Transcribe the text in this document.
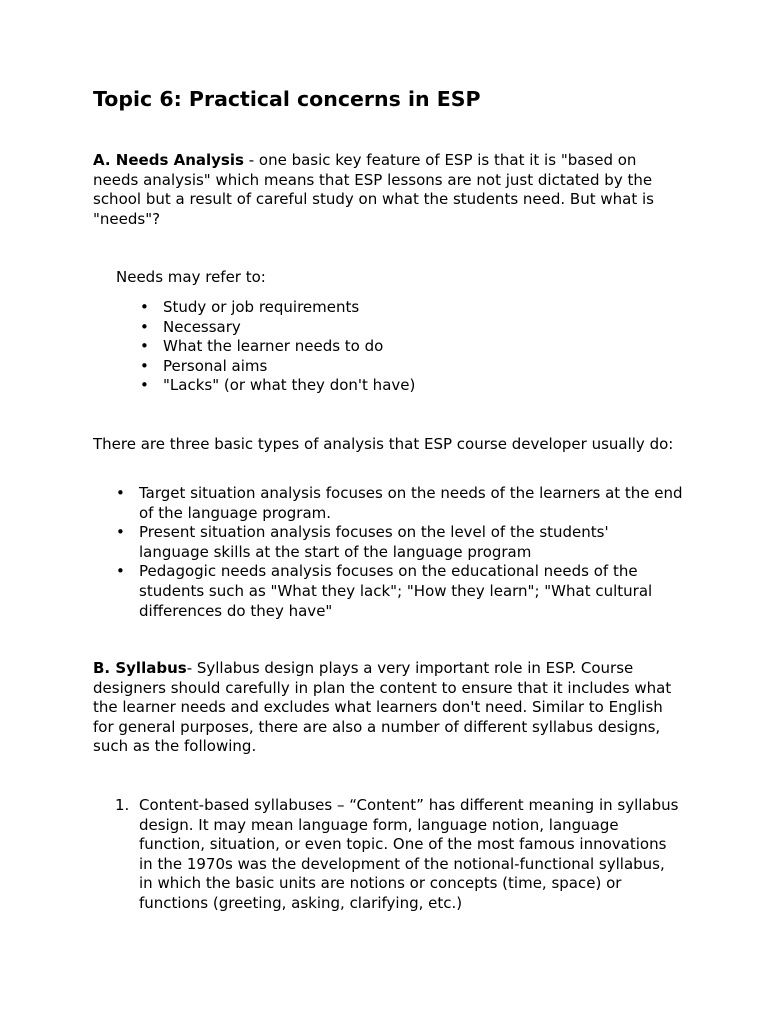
Topic 6: Practical concerns in ESP

A. Needs Analysis - one basic key feature of ESP is that it is "based on needs analysis" which means that ESP lessons are not just dictated by the school but a result of careful study on what the students need. But what is "needs"?

Needs may refer to:

• Study or job requirements
• Necessary
• What the learner needs to do
• Personal aims
• "Lacks" (or what they don't have)

There are three basic types of analysis that ESP course developer usually do:

• Target situation analysis focuses on the needs of the learners at the end of the language program.
• Present situation analysis focuses on the level of the students' language skills at the start of the language program
• Pedagogic needs analysis focuses on the educational needs of the students such as "What they lack"; "How they learn"; "What cultural differences do they have"

B. Syllabus- Syllabus design plays a very important role in ESP. Course designers should carefully in plan the content to ensure that it includes what the learner needs and excludes what learners don't need. Similar to English for general purposes, there are also a number of different syllabus designs, such as the following.

1. Content-based syllabuses – “Content” has different meaning in syllabus design. It may mean language form, language notion, language function, situation, or even topic. One of the most famous innovations in the 1970s was the development of the notional-functional syllabus, in which the basic units are notions or concepts (time, space) or functions (greeting, asking, clarifying, etc.)
